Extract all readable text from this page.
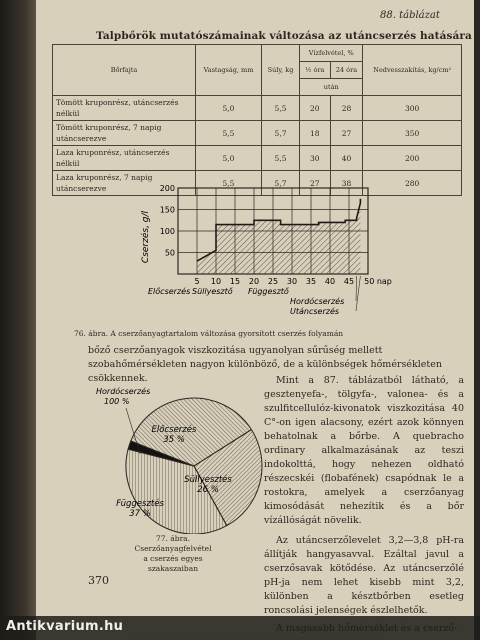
88. táblázat
Talpbőrök mutatószámainak változása az utáncserzés hatására
Bőrfajta	Vastagság, mm	Súly, kg	Vízfelvétel, %		Nedvesszakítás, kg/cm²
			½ óra	24 óra	
			után		
Tömött kruponrész, utáncserzés nélkül	5,0	5,5	20	28	300
Tömött kruponrész, 7 napig utáncserezve	5,5	5,7	18	27	350
Laza kruponrész, utáncserzés nélkül	5,0	5,5	30	40	200
Laza kruponrész, 7 napig utáncserezve	5,5	5,7	27	38	280
50
100
150
200
5 10 15 20 25 30 35 40 45 50 nap
Cserzés, g/l
Előcserzés Süllyesztő Függesztő
Hordócserzés
Utáncserzés
76. ábra. A cserzőanyagtartalom változása gyorsított cserzés folyamán
bőző cserzőanyagok viszkozitása ugyanolyan sűrűség mellett szobahőmérsékleten nagyon különböző, de a különbségek hőmérsékleten csökkennek.
Előcserzés 35 %
Süllyesztés 26 %
Függesztés 37 %
Hordócserzés 100 %
77. ábra. Cserzőanyagfelvétel
a cserzés egyes szakaszaiban
Mint a 87. táblázatból látható, a gesztenyefa-, tölgyfa-, valonea- és a szulfitcellulóz-kivonatok viszkozitása 40 C°-on igen alacsony, ezért azok könnyen behatolnak a bőrbe. A quebracho ordinary alkalmazásának az teszi indokolttá, hogy nehezen oldható részecskéi (flobafének) csapódnak le a rostokra, amelyek a cserzőanyag kimosódását nehezítik és a bőr vízállóságát növelik.
Az utáncserzőlevelet 3,2—3,8 pH-ra állítják hangyasavval. Ezáltal javul a cserzősavak kötődése. Az utáncserzőlé pH-ja nem lehet kisebb mint 3,2, különben a késztbőrben esetleg roncsolási jelenségek észlelhetők.
370
Antikvarium.hu
